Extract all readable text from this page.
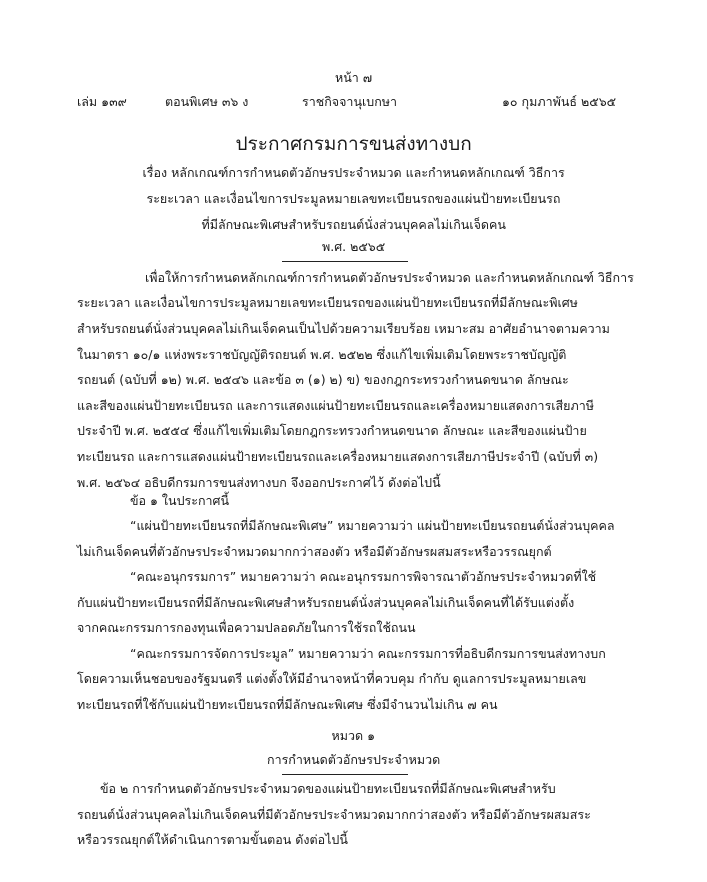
หน้า ๗
เล่ม ๑๓๙	ตอนพิเศษ ๓๖ ง	ราชกิจจานุเบกษา	๑๐ กุมภาพันธ์ ๒๕๖๕
ประกาศกรมการขนส่งทางบก
เรื่อง หลักเกณฑ์การกำหนดตัวอักษรประจำหมวด และกำหนดหลักเกณฑ์ วิธีการ
ระยะเวลา และเงื่อนไขการประมูลหมายเลขทะเบียนรถของแผ่นป้ายทะเบียนรถ
ที่มีลักษณะพิเศษสำหรับรถยนต์นั่งส่วนบุคคลไม่เกินเจ็ดคน
พ.ศ. ๒๕๖๕
เพื่อให้การกำหนดหลักเกณฑ์การกำหนดตัวอักษรประจำหมวด และกำหนดหลักเกณฑ์ วิธีการ
ระยะเวลา และเงื่อนไขการประมูลหมายเลขทะเบียนรถของแผ่นป้ายทะเบียนรถที่มีลักษณะพิเศษ
สำหรับรถยนต์นั่งส่วนบุคคลไม่เกินเจ็ดคนเป็นไปด้วยความเรียบร้อย เหมาะสม อาศัยอำนาจตามความ
ในมาตรา ๑๐/๑ แห่งพระราชบัญญัติรถยนต์ พ.ศ. ๒๕๒๒ ซึ่งแก้ไขเพิ่มเติมโดยพระราชบัญญัติ
รถยนต์ (ฉบับที่ ๑๒) พ.ศ. ๒๕๔๖ และข้อ ๓ (๑) ๒) ข) ของกฎกระทรวงกำหนดขนาด ลักษณะ
และสีของแผ่นป้ายทะเบียนรถ และการแสดงแผ่นป้ายทะเบียนรถและเครื่องหมายแสดงการเสียภาษี
ประจำปี พ.ศ. ๒๕๕๔ ซึ่งแก้ไขเพิ่มเติมโดยกฎกระทรวงกำหนดขนาด ลักษณะ และสีของแผ่นป้าย
ทะเบียนรถ และการแสดงแผ่นป้ายทะเบียนรถและเครื่องหมายแสดงการเสียภาษีประจำปี (ฉบับที่ ๓)
พ.ศ. ๒๕๖๔ อธิบดีกรมการขนส่งทางบก จึงออกประกาศไว้ ดังต่อไปนี้
ข้อ ๑ ในประกาศนี้
“แผ่นป้ายทะเบียนรถที่มีลักษณะพิเศษ” หมายความว่า แผ่นป้ายทะเบียนรถยนต์นั่งส่วนบุคคล
ไม่เกินเจ็ดคนที่ตัวอักษรประจำหมวดมากกว่าสองตัว หรือมีตัวอักษรผสมสระหรือวรรณยุกต์
“คณะอนุกรรมการ” หมายความว่า คณะอนุกรรมการพิจารณาตัวอักษรประจำหมวดที่ใช้
กับแผ่นป้ายทะเบียนรถที่มีลักษณะพิเศษสำหรับรถยนต์นั่งส่วนบุคคลไม่เกินเจ็ดคนที่ได้รับแต่งตั้ง
จากคณะกรรมการกองทุนเพื่อความปลอดภัยในการใช้รถใช้ถนน
“คณะกรรมการจัดการประมูล” หมายความว่า คณะกรรมการที่อธิบดีกรมการขนส่งทางบก
โดยความเห็นชอบของรัฐมนตรี แต่งตั้งให้มีอำนาจหน้าที่ควบคุม กำกับ ดูแลการประมูลหมายเลข
ทะเบียนรถที่ใช้กับแผ่นป้ายทะเบียนรถที่มีลักษณะพิเศษ ซึ่งมีจำนวนไม่เกิน ๗ คน
หมวด ๑
การกำหนดตัวอักษรประจำหมวด
ข้อ ๒ การกำหนดตัวอักษรประจำหมวดของแผ่นป้ายทะเบียนรถที่มีลักษณะพิเศษสำหรับ
รถยนต์นั่งส่วนบุคคลไม่เกินเจ็ดคนที่มีตัวอักษรประจำหมวดมากกว่าสองตัว หรือมีตัวอักษรผสมสระ
หรือวรรณยุกต์ให้ดำเนินการตามขั้นตอน ดังต่อไปนี้
